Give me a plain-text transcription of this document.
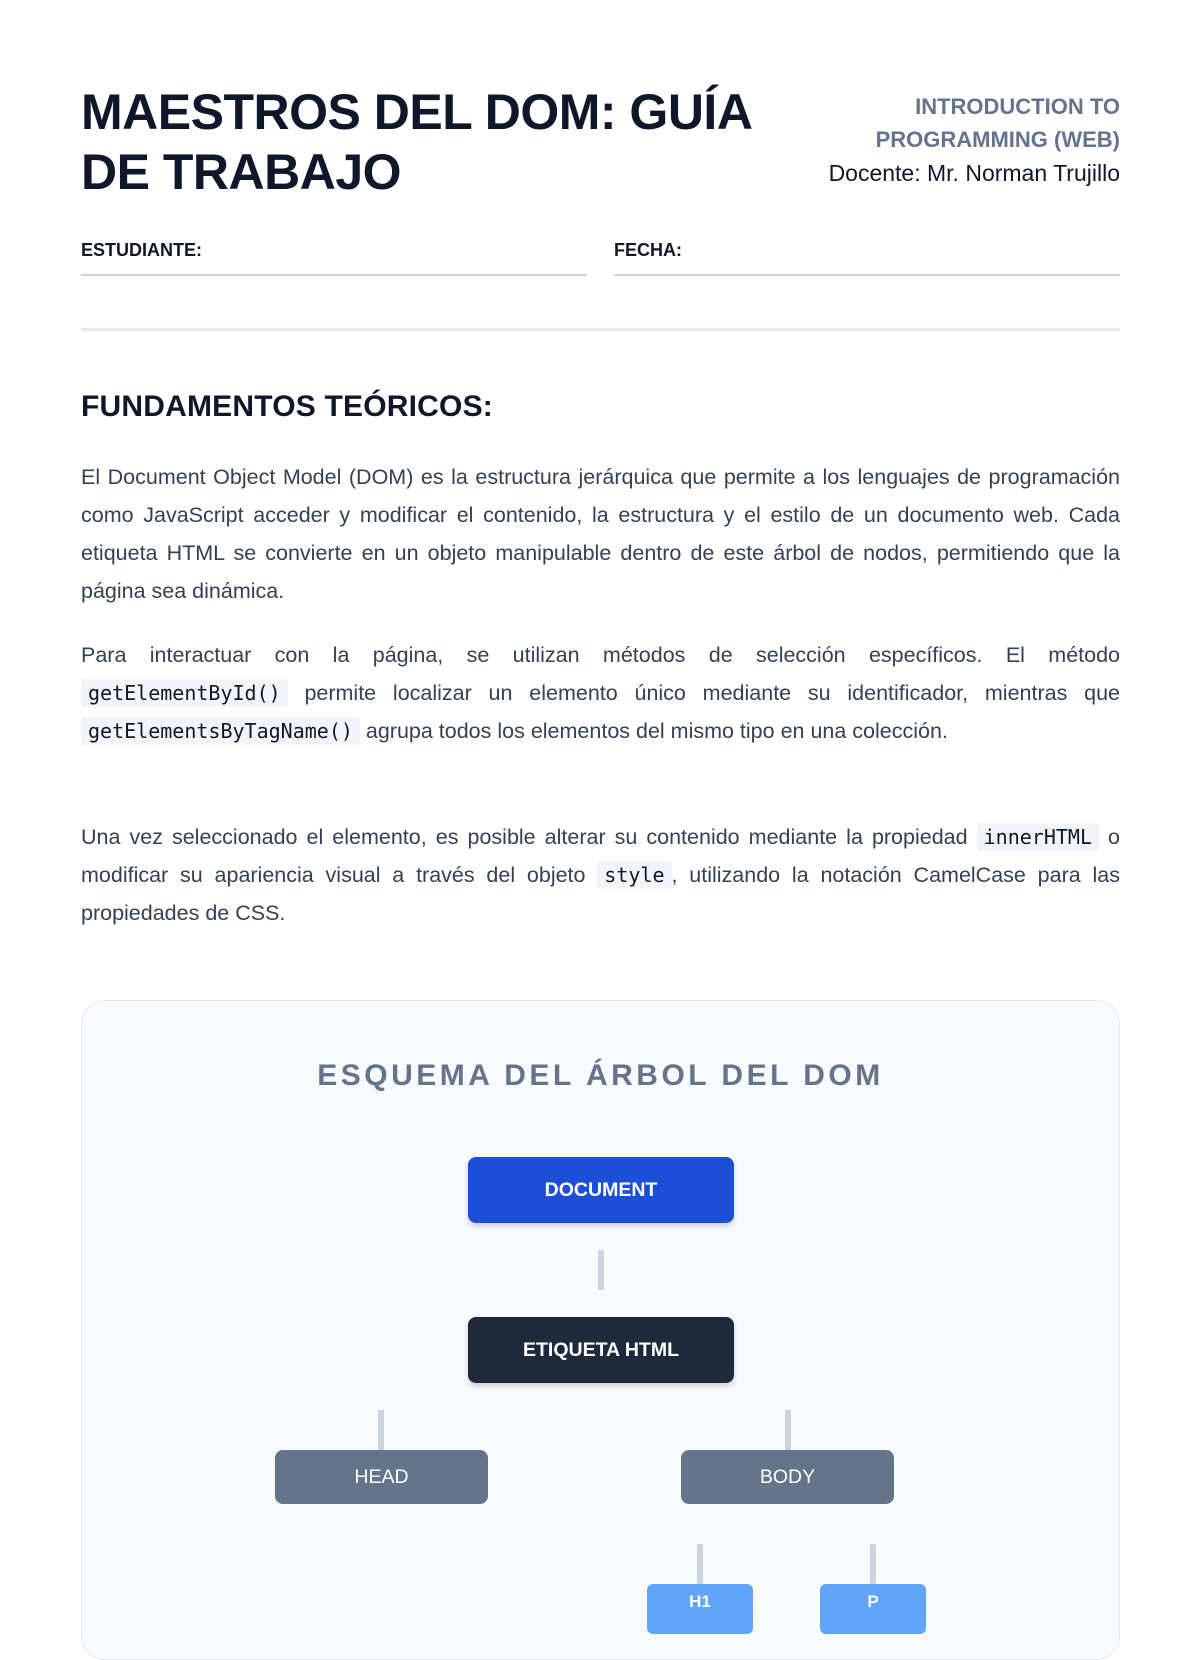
MAESTROS DEL DOM: GUÍA DE TRABAJO
INTRODUCTION TO PROGRAMMING (WEB)
Docente: Mr. Norman Trujillo
ESTUDIANTE:	FECHA:
FUNDAMENTOS TEÓRICOS:

El Document Object Model (DOM) es la estructura jerárquica que permite a los lenguajes de programación como JavaScript acceder y modificar el contenido, la estructura y el estilo de un documento web. Cada etiqueta HTML se convierte en un objeto manipulable dentro de este árbol de nodos, permitiendo que la página sea dinámica.

Para interactuar con la página, se utilizan métodos de selección específicos. El método getElementById() permite localizar un elemento único mediante su identificador, mientras que getElementsByTagName() agrupa todos los elementos del mismo tipo en una colección.

Una vez seleccionado el elemento, es posible alterar su contenido mediante la propiedad innerHTML o modificar su apariencia visual a través del objeto style , utilizando la notación CamelCase para las propiedades de CSS.

ESQUEMA DEL ÁRBOL DEL DOM
DOCUMENT
ETIQUETA HTML
HEAD	BODY
H1	P
